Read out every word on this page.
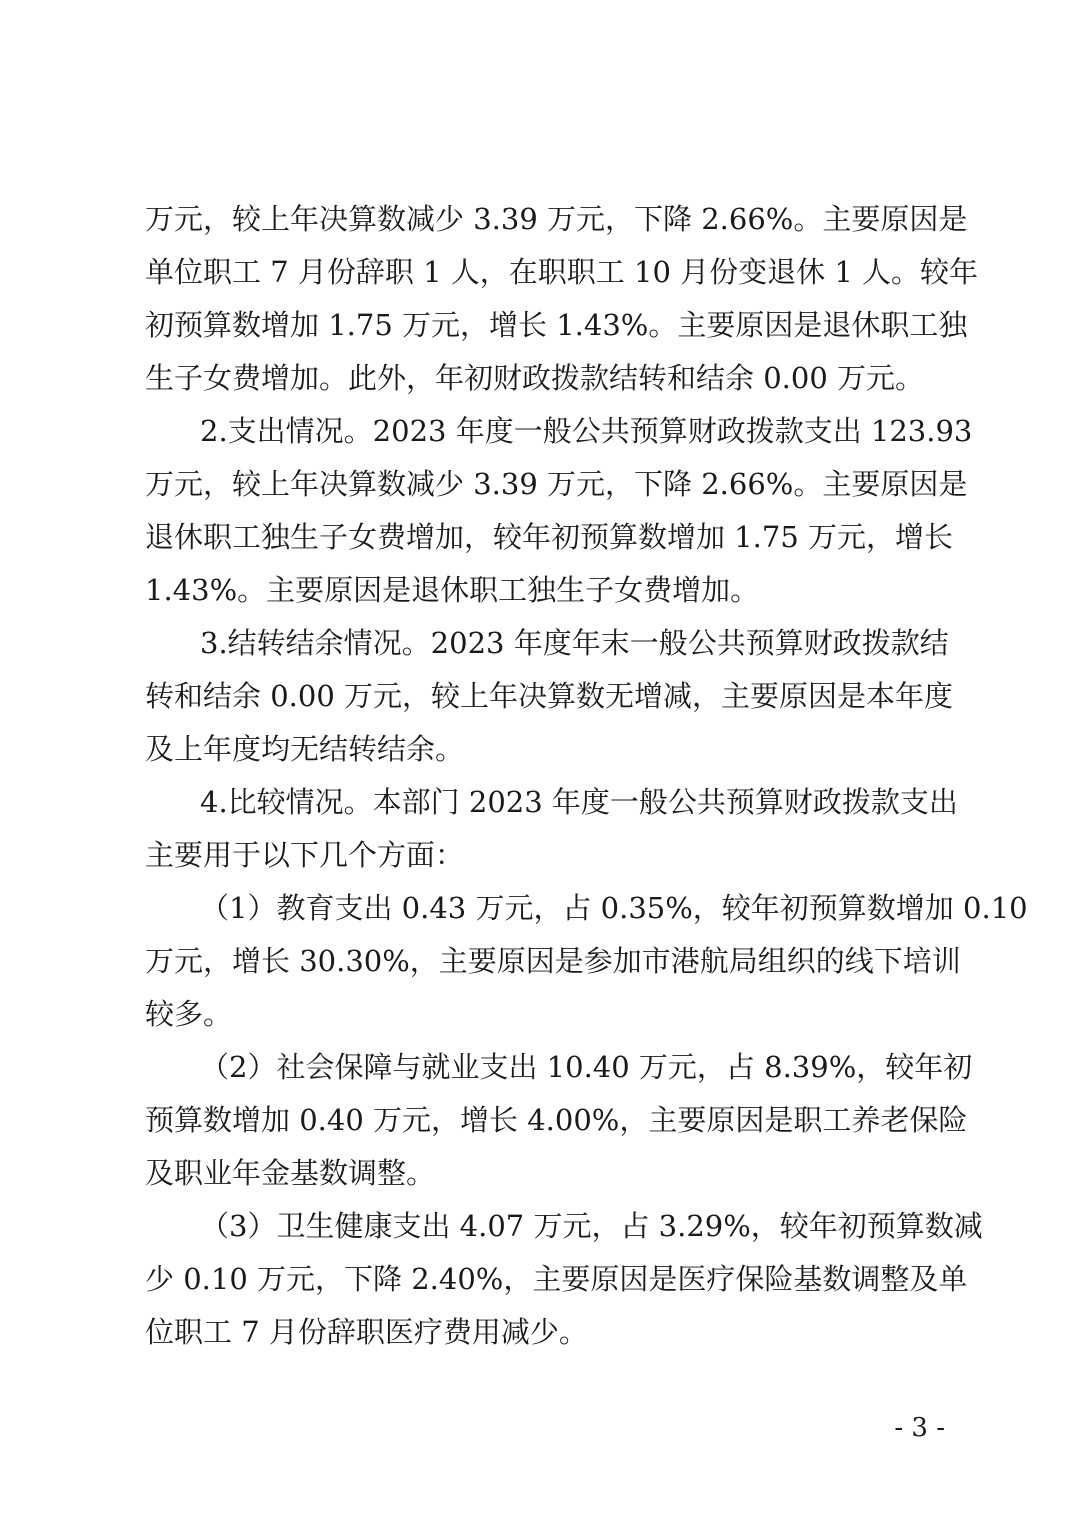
万元，较上年决算数减少 3.39 万元，下降 2.66%。主要原因是
单位职工 7 月份辞职 1 人，在职职工 10 月份变退休 1 人。较年
初预算数增加 1.75 万元，增长 1.43%。主要原因是退休职工独
生子女费增加。此外，年初财政拨款结转和结余 0.00 万元。
2.支出情况。2023 年度一般公共预算财政拨款支出 123.93
万元，较上年决算数减少 3.39 万元，下降 2.66%。主要原因是
退休职工独生子女费增加，较年初预算数增加 1.75 万元，增长
1.43%。主要原因是退休职工独生子女费增加。
3.结转结余情况。2023 年度年末一般公共预算财政拨款结
转和结余 0.00 万元，较上年决算数无增减，主要原因是本年度
及上年度均无结转结余。
4.比较情况。本部门 2023 年度一般公共预算财政拨款支出
主要用于以下几个方面：
（1）教育支出 0.43 万元，占 0.35%，较年初预算数增加 0.10
万元，增长 30.30%，主要原因是参加市港航局组织的线下培训
较多。
（2）社会保障与就业支出 10.40 万元，占 8.39%，较年初
预算数增加 0.40 万元，增长 4.00%，主要原因是职工养老保险
及职业年金基数调整。
（3）卫生健康支出 4.07 万元，占 3.29%，较年初预算数减
少 0.10 万元，下降 2.40%，主要原因是医疗保险基数调整及单
位职工 7 月份辞职医疗费用减少。
- 3 -
